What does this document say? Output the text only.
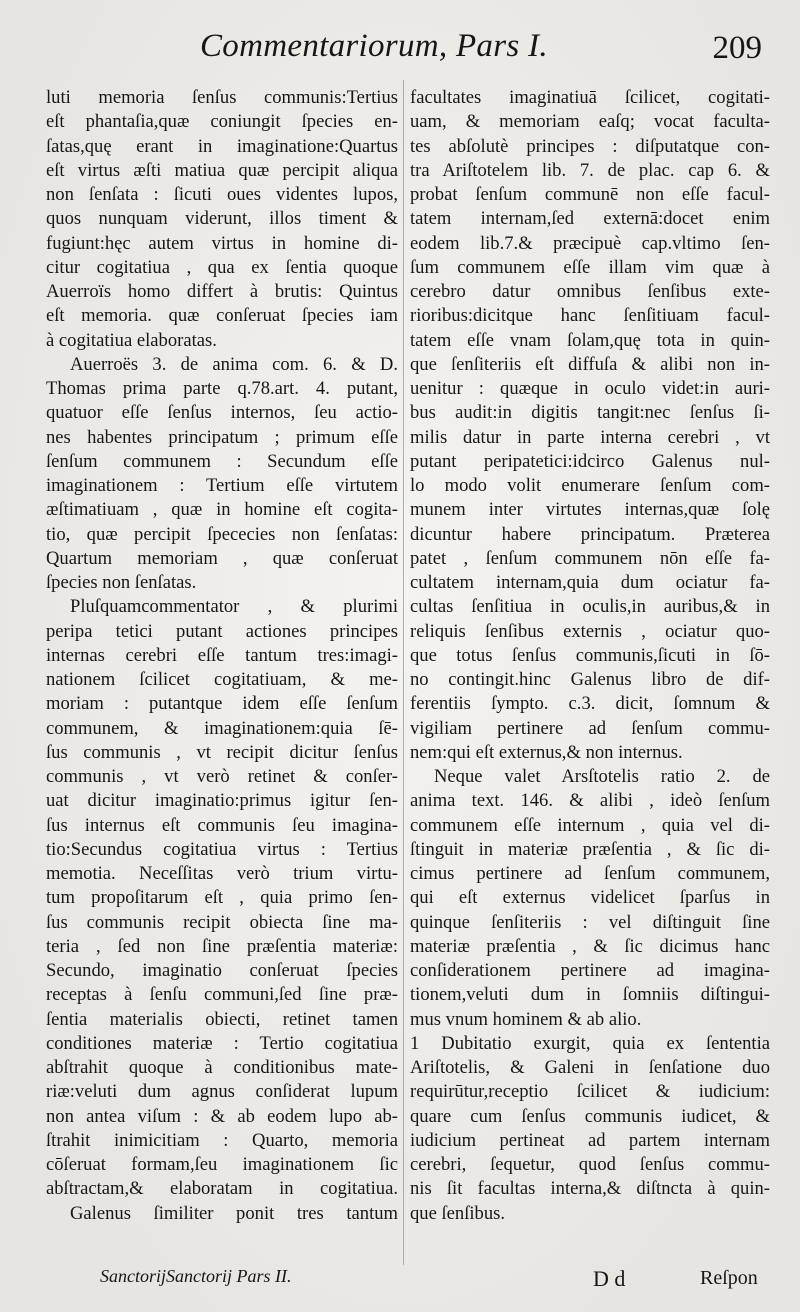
Commentariorum, Pars I.	209
luti memoria ſenſus communis:Tertius
eſt phantaſia,quæ coniungit ſpecies en-
ſatas,quę erant in imaginatione:Quartus
eſt virtus æſti matiua quæ percipit aliqua
non ſenſata : ſicuti oues videntes lupos,
quos nunquam viderunt, illos timent &
fugiunt:hęc autem virtus in homine di-
citur cogitatiua , qua ex ſentia quoque
Auerroïs homo differt à brutis: Quintus
eſt memoria. quæ conſeruat ſpecies iam
à cogitatiua elaboratas.
Auerroës 3. de anima com. 6. & D.
Thomas prima parte q.78.art. 4. putant,
quatuor eſſe ſenſus internos, ſeu actio-
nes habentes principatum ; primum eſſe
ſenſum communem : Secundum eſſe
imaginationem : Tertium eſſe virtutem
æſtimatiuam , quæ in homine eſt cogita-
tio, quæ percipit ſpececies non ſenſatas:
Quartum memoriam , quæ conſeruat
ſpecies non ſenſatas.
Pluſquamcommentator , & plurimi
peripa tetici putant actiones principes
internas cerebri eſſe tantum tres:imagi-
nationem ſcilicet cogitatiuam, & me-
moriam : putantque idem eſſe ſenſum
communem, & imaginationem:quia ſē-
ſus communis , vt recipit dicitur ſenſus
communis , vt verò retinet & conſer-
uat dicitur imaginatio:primus igitur ſen-
ſus internus eſt communis ſeu imagina-
tio:Secundus cogitatiua virtus : Tertius
memotia. Neceſſitas verò trium virtu-
tum propoſitarum eſt , quia primo ſen-
ſus communis recipit obiecta ſine ma-
teria , ſed non ſine præſentia materiæ:
Secundo, imaginatio conſeruat ſpecies
receptas à ſenſu communi,ſed ſine præ-
ſentia materialis obiecti, retinet tamen
conditiones materiæ : Tertio cogitatiua
abſtrahit quoque à conditionibus mate-
riæ:veluti dum agnus conſiderat lupum
non antea viſum : & ab eodem lupo ab-
ſtrahit inimicitiam : Quarto, memoria
cōſeruat formam,ſeu imaginationem ſic
abſtractam,& elaboratam in cogitatiua.
Galenus ſimiliter ponit tres tantum
facultates imaginatiuā ſcilicet, cogitati-
uam, & memoriam eaſq; vocat faculta-
tes abſolutè principes : diſputatque con-
tra Ariſtotelem lib. 7. de plac. cap 6. &
probat ſenſum communē non eſſe facul-
tatem internam,ſed externā:docet enim
eodem lib.7.& præcipuè cap.vltimo ſen-
ſum communem eſſe illam vim quæ à
cerebro datur omnibus ſenſibus exte-
rioribus:dicitque hanc ſenſitiuam facul-
tatem eſſe vnam ſolam,quę tota in quin-
que ſenſiteriis eſt diffuſa & alibi non in-
uenitur : quæque in oculo videt:in auri-
bus audit:in digitis tangit:nec ſenſus ſi-
milis datur in parte interna cerebri , vt
putant peripatetici:idcirco Galenus nul-
lo modo volit enumerare ſenſum com-
munem inter virtutes internas,quæ ſolę
dicuntur habere principatum. Præterea
patet , ſenſum communem nōn eſſe fa-
cultatem internam,quia dum ociatur fa-
cultas ſenſitiua in oculis,in auribus,& in
reliquis ſenſibus externis , ociatur quo-
que totus ſenſus communis,ſicuti in ſō-
no contingit.hinc Galenus libro de dif-
ferentiis ſympto. c.3. dicit, ſomnum &
vigiliam pertinere ad ſenſum commu-
nem:qui eſt externus,& non internus.
Neque valet Arsſtotelis ratio 2. de
anima text. 146. & alibi , ideò ſenſum
communem eſſe internum , quia vel di-
ſtinguit in materiæ præſentia , & ſic di-
cimus pertinere ad ſenſum communem,
qui eſt externus videlicet ſparſus in
quinque ſenſiteriis : vel diſtinguit ſine
materiæ præſentia , & ſic dicimus hanc
conſiderationem pertinere ad imagina-
tionem,veluti dum in ſomniis diſtingui-
mus vnum hominem & ab alio.
1 Dubitatio exurgit, quia ex ſententia
Ariſtotelis, & Galeni in ſenſatione duo
requirūtur,receptio ſcilicet & iudicium:
quare cum ſenſus communis iudicet, &
iudicium pertineat ad partem internam
cerebri, ſequetur, quod ſenſus commu-
nis ſit facultas interna,& diſtncta à quin-
que ſenſibus.
SanctorijSanctorij Pars II.	D d	Reſpon
